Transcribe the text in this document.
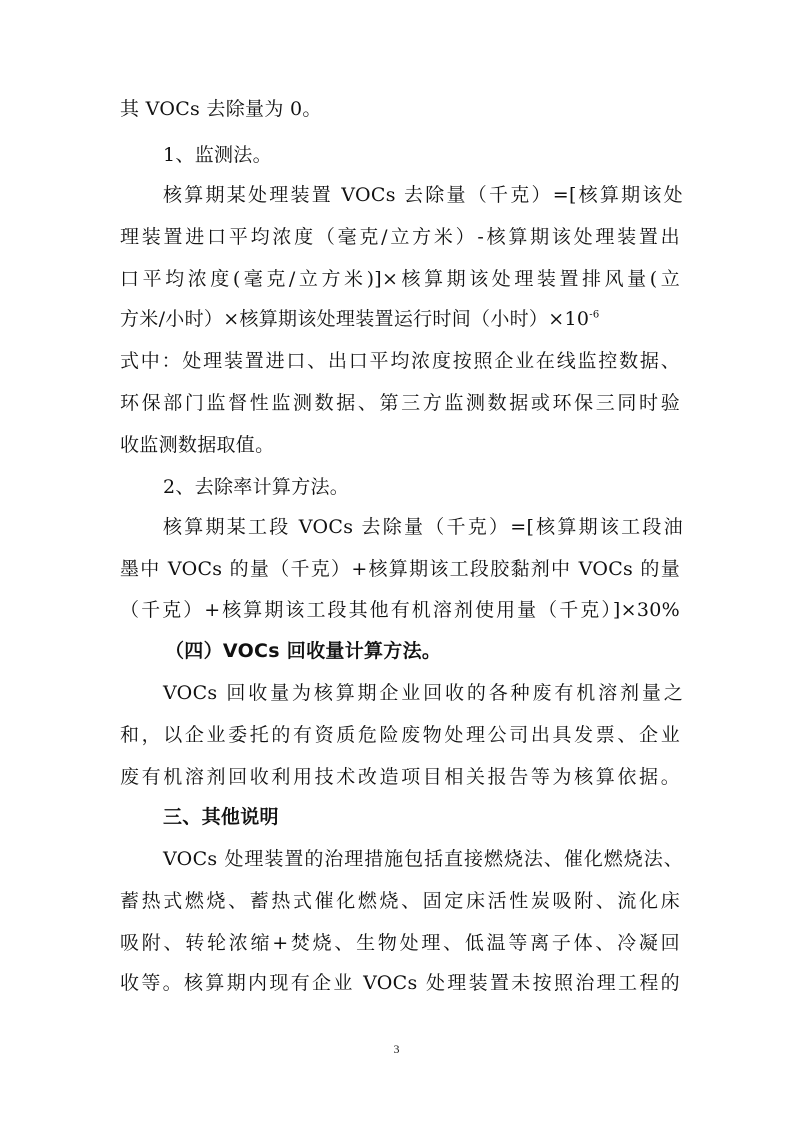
其 VOCs 去除量为 0。
1、监测法。
核算期某处理装置 VOCs 去除量（千克）=[核算期该处
理装置进口平均浓度（毫克/立方米）-核算期该处理装置出
口平均浓度(毫克/立方米)]×核算期该处理装置排风量(立
方米/小时）×核算期该处理装置运行时间（小时）$\times 10^{-6}$
式中：处理装置进口、出口平均浓度按照企业在线监控数据、
环保部门监督性监测数据、第三方监测数据或环保三同时验
收监测数据取值。
2、去除率计算方法。
核算期某工段 VOCs 去除量（千克）=[核算期该工段油
墨中 VOCs 的量（千克）+核算期该工段胶黏剂中 VOCs 的量
（千克）+核算期该工段其他有机溶剂使用量（千克）]×30%
（四）VOCs 回收量计算方法。
VOCs 回收量为核算期企业回收的各种废有机溶剂量之
和，以企业委托的有资质危险废物处理公司出具发票、企业
废有机溶剂回收利用技术改造项目相关报告等为核算依据。
三、其他说明
VOCs 处理装置的治理措施包括直接燃烧法、催化燃烧法、
蓄热式燃烧、蓄热式催化燃烧、固定床活性炭吸附、流化床
吸附、转轮浓缩+焚烧、生物处理、低温等离子体、冷凝回
收等。核算期内现有企业 VOCs 处理装置未按照治理工程的
3
